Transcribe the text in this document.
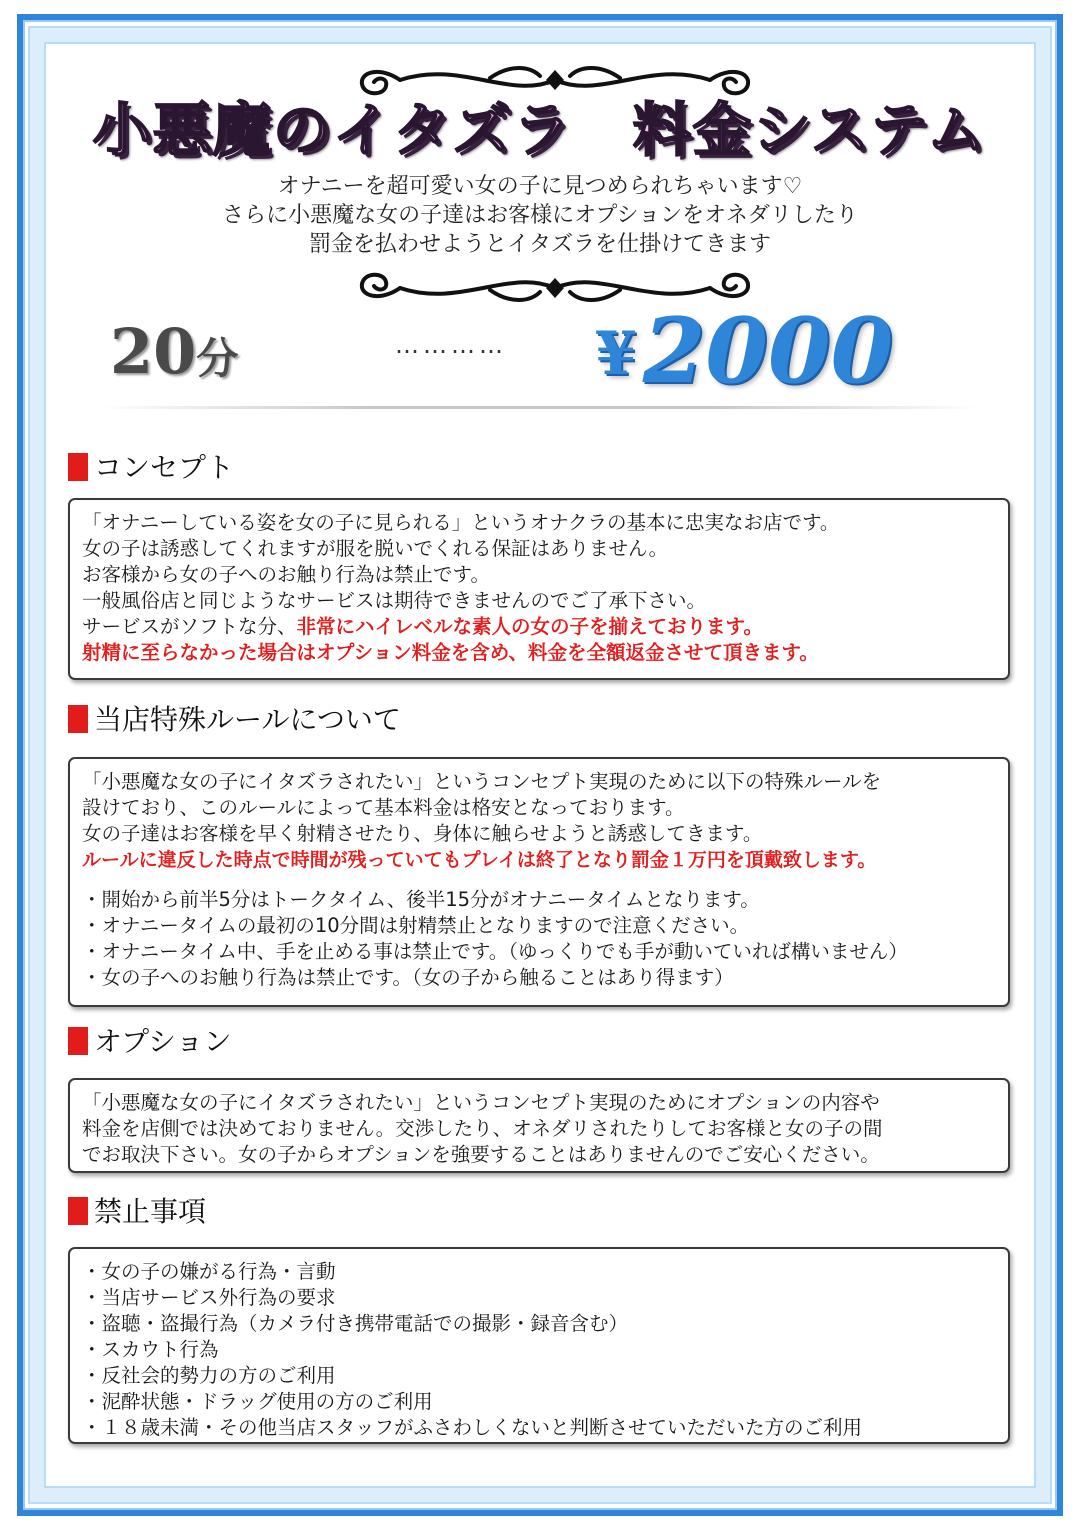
小悪魔のイタズラ　料金システム
オナニーを超可愛い女の子に見つめられちゃいます♡
さらに小悪魔な女の子達はお客様にオプションをオネダリしたり
罰金を払わせようとイタズラを仕掛けてきます
20分	………… ¥2000
コンセプト

「オナニーしている姿を女の子に見られる」というオナクラの基本に忠実なお店です。

女の子は誘惑してくれますが服を脱いでくれる保証はありません。

お客様から女の子へのお触り行為は禁止です。

一般風俗店と同じようなサービスは期待できませんのでご了承下さい。

サービスがソフトな分、非常にハイレベルな素人の女の子を揃えております。

射精に至らなかった場合はオプション料金を含め、料金を全額返金させて頂きます。

当店特殊ルールについて

「小悪魔な女の子にイタズラされたい」というコンセプト実現のために以下の特殊ルールを

設けており、このルールによって基本料金は格安となっております。

女の子達はお客様を早く射精させたり、身体に触らせようと誘惑してきます。

ルールに違反した時点で時間が残っていてもプレイは終了となり罰金１万円を頂戴致します。

・開始から前半5分はトークタイム、後半15分がオナニータイムとなります。

・オナニータイムの最初の10分間は射精禁止となりますので注意ください。

・オナニータイム中、手を止める事は禁止です。（ゆっくりでも手が動いていれば構いません）

・女の子へのお触り行為は禁止です。（女の子から触ることはあり得ます）

オプション

「小悪魔な女の子にイタズラされたい」というコンセプト実現のためにオプションの内容や

料金を店側では決めておりません。交渉したり、オネダリされたりしてお客様と女の子の間

でお取決下さい。女の子からオプションを強要することはありませんのでご安心ください。

禁止事項

・女の子の嫌がる行為・言動

・当店サービス外行為の要求

・盗聴・盗撮行為（カメラ付き携帯電話での撮影・録音含む）

・スカウト行為

・反社会的勢力の方のご利用

・泥酔状態・ドラッグ使用の方のご利用

・１８歳未満・その他当店スタッフがふさわしくないと判断させていただいた方のご利用
